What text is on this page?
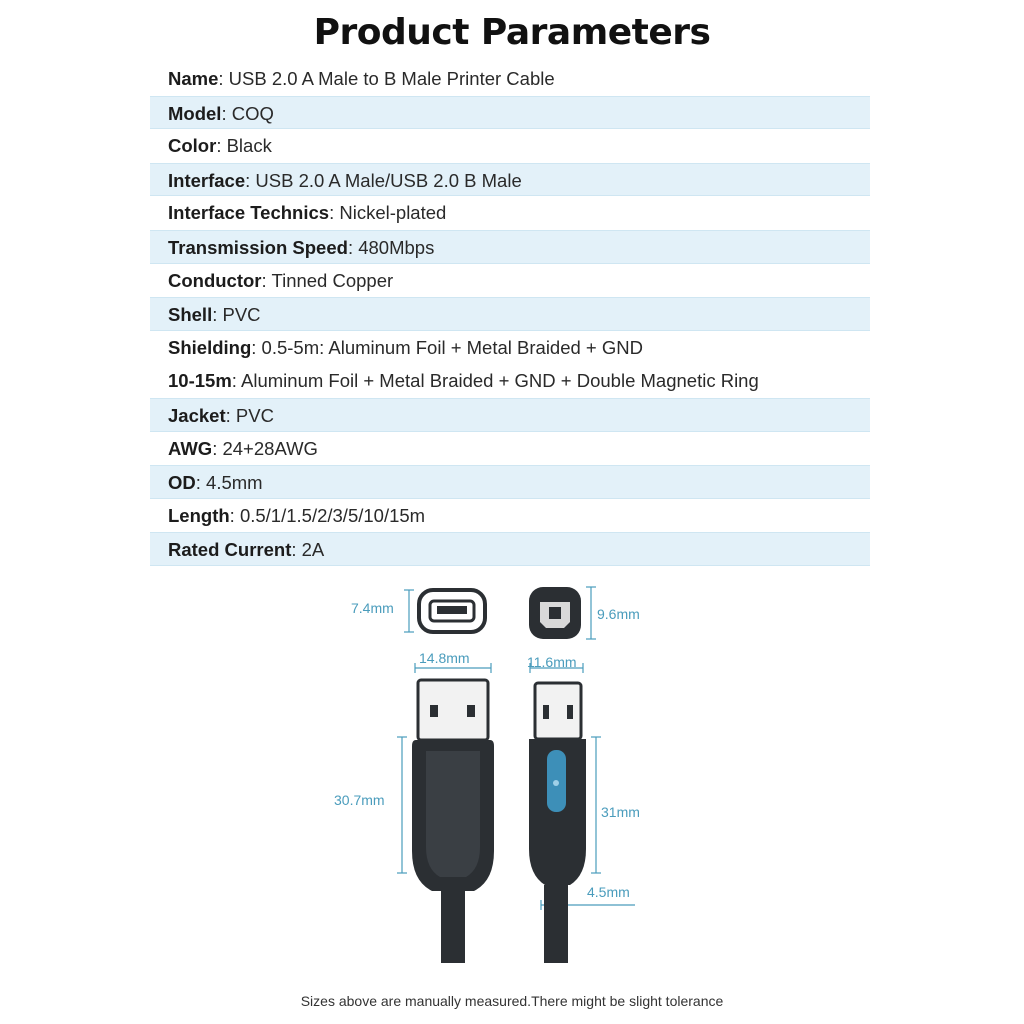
Product Parameters
Name: USB 2.0 A Male to B Male Printer Cable
Model: COQ
Color: Black
Interface: USB 2.0 A Male/USB 2.0 B Male
Interface Technics: Nickel-plated
Transmission Speed: 480Mbps
Conductor: Tinned Copper
Shell: PVC
Shielding: 0.5-5m: Aluminum Foil + Metal Braided + GND
10-15m: Aluminum Foil + Metal Braided + GND + Double Magnetic Ring
Jacket: PVC
AWG: 24+28AWG
OD: 4.5mm
Length: 0.5/1/1.5/2/3/5/10/15m
Rated Current: 2A
7.4mm	9.6mm
14.8mm	11.6mm
30.7mm
31mm
4.5mm
Sizes above are manually measured.There might be slight tolerance
